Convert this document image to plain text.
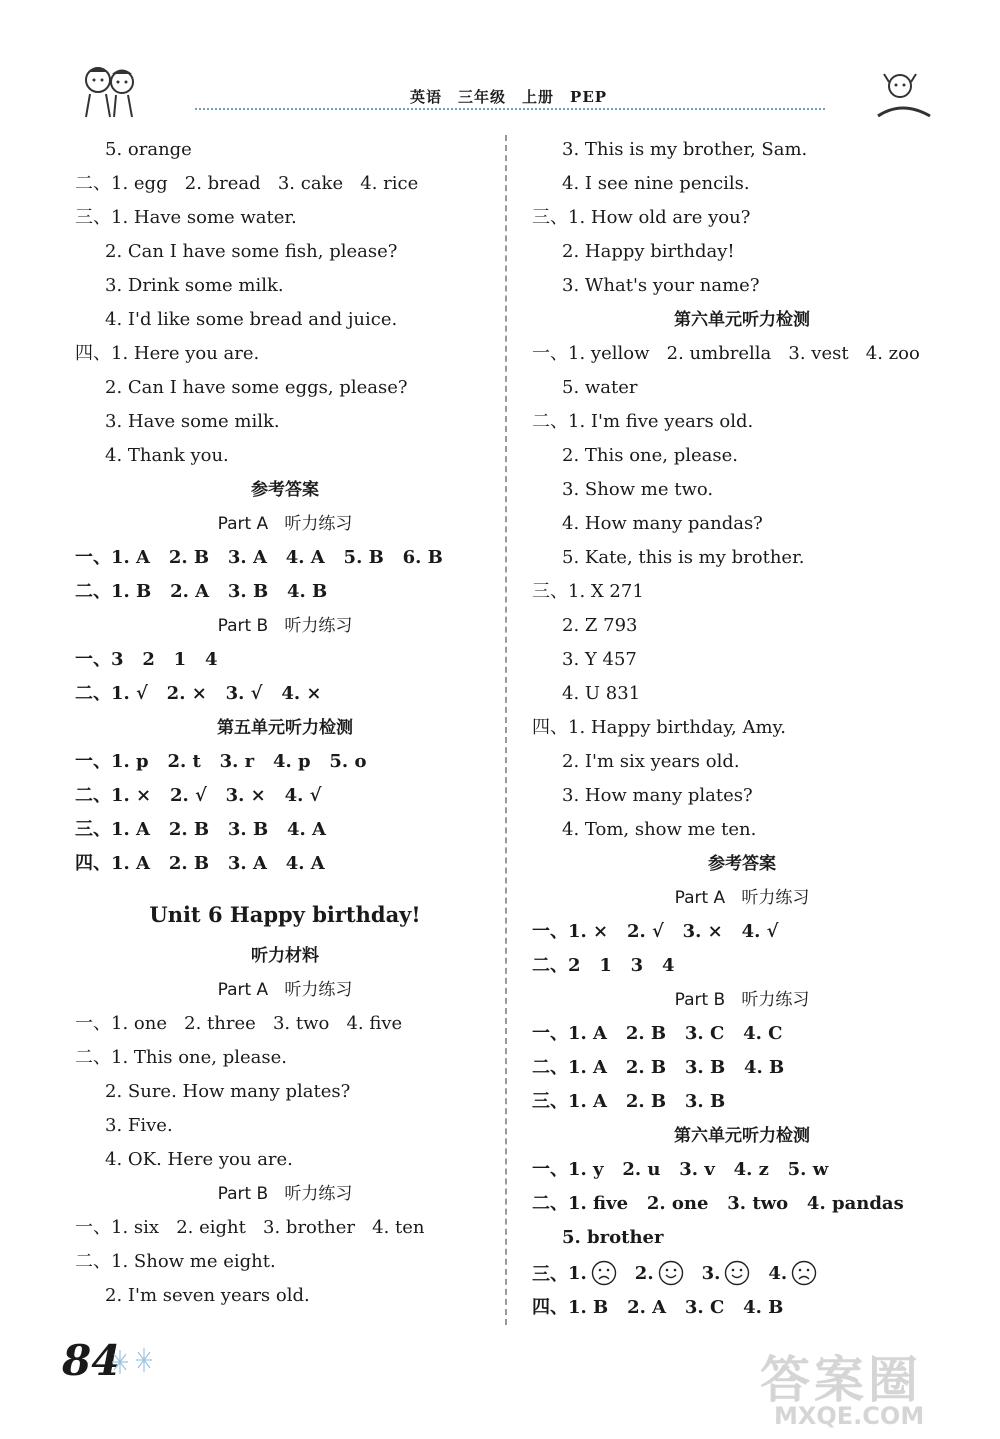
英语 三年级 上册 PEP
5. orange
二、1. egg   2. bread   3. cake   4. rice
三、1. Have some water.
2. Can I have some fish, please?
3. Drink some milk.
4. I'd like some bread and juice.
四、1. Here you are.
2. Can I have some eggs, please?
3. Have some milk.
4. Thank you.
参考答案
Part A   听力练习
一、1. A   2. B   3. A   4. A   5. B   6. B
二、1. B   2. A   3. B   4. B
Part B   听力练习
一、3   2   1   4
二、1. √   2. ×   3. √   4. ×
第五单元听力检测
一、1. p   2. t   3. r   4. p   5. o
二、1. ×   2. √   3. ×   4. √
三、1. A   2. B   3. B   4. A
四、1. A   2. B   3. A   4. A
Unit 6 Happy birthday!
听力材料
Part A   听力练习
一、1. one   2. three   3. two   4. five
二、1. This one, please.
2. Sure. How many plates?
3. Five.
4. OK. Here you are.
Part B   听力练习
一、1. six   2. eight   3. brother   4. ten
二、1. Show me eight.
2. I'm seven years old.
3. This is my brother, Sam.
4. I see nine pencils.
三、1. How old are you?
2. Happy birthday!
3. What's your name?
第六单元听力检测
一、1. yellow   2. umbrella   3. vest   4. zoo
5. water
二、1. I'm five years old.
2. This one, please.
3. Show me two.
4. How many pandas?
5. Kate, this is my brother.
三、1. X 271
2. Z 793
3. Y 457
4. U 831
四、1. Happy birthday, Amy.
2. I'm six years old.
3. How many plates?
4. Tom, show me ten.
参考答案
Part A   听力练习
一、1. ×   2. √   3. ×   4. √
二、2   1   3   4
Part B   听力练习
一、1. A   2. B   3. C   4. C
二、1. A   2. B   3. B   4. B
三、1. A   2. B   3. B
第六单元听力检测
一、1. y   2. u   3. v   4. z   5. w
二、1. five   2. one   3. two   4. pandas
5. brother
三、 1.	2.	3.	4.
四、1. B   2. A   3. C   4. B
84	答案圈
MXQE.COM
